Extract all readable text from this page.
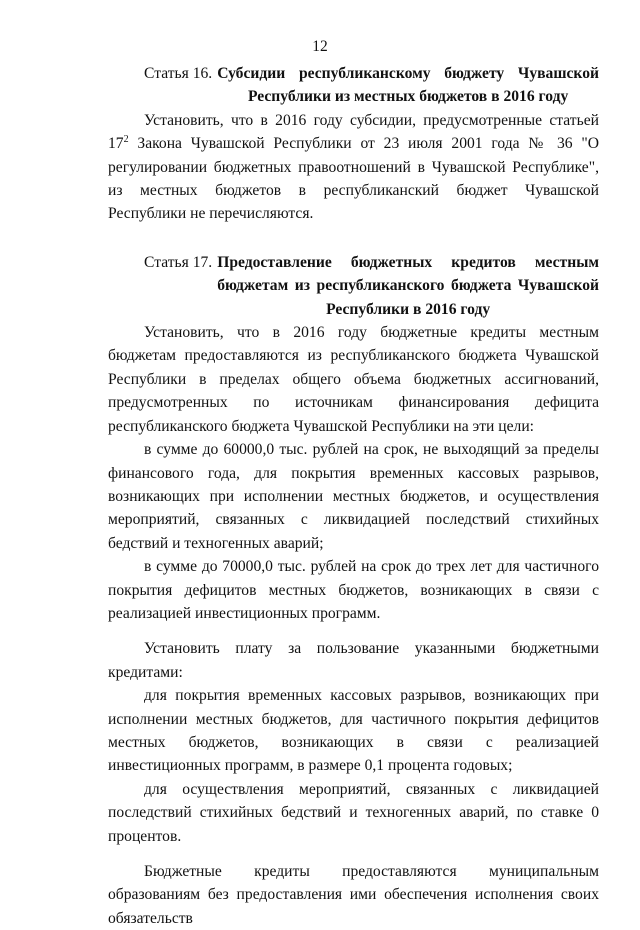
12
Статья 16. Субсидии республиканскому бюджету Чувашской Республики из местных бюджетов в 2016 году

Установить, что в 2016 году субсидии, предусмотренные статьей $17^2$ Закона Чувашской Республики от 23 июля 2001 года № 36 "О регулировании бюджетных правоотношений в Чувашской Республике", из местных бюджетов в республиканский бюджет Чувашской Республики не перечисляются.

Статья 17. Предоставление бюджетных кредитов местным бюджетам из республиканского бюджета Чувашской Республики в 2016 году

Установить, что в 2016 году бюджетные кредиты местным бюджетам предоставляются из республиканского бюджета Чувашской Республики в пределах общего объема бюджетных ассигнований, предусмотренных по источникам финансирования дефицита республиканского бюджета Чувашской Республики на эти цели:

в сумме до 60000,0 тыс. рублей на срок, не выходящий за пределы финансового года, для покрытия временных кассовых разрывов, возникающих при исполнении местных бюджетов, и осуществления мероприятий, связанных с ликвидацией последствий стихийных бедствий и техногенных аварий;

в сумме до 70000,0 тыс. рублей на срок до трех лет для частичного покрытия дефицитов местных бюджетов, возникающих в связи с реализацией инвестиционных программ.

Установить плату за пользование указанными бюджетными кредитами:

для покрытия временных кассовых разрывов, возникающих при исполнении местных бюджетов, для частичного покрытия дефицитов местных бюджетов, возникающих в связи с реализацией инвестиционных программ, в размере 0,1 процента годовых;

для осуществления мероприятий, связанных с ликвидацией последствий стихийных бедствий и техногенных аварий, по ставке 0 процентов.

Бюджетные кредиты предоставляются муниципальным образованиям без предоставления ими обеспечения исполнения своих обязательств
